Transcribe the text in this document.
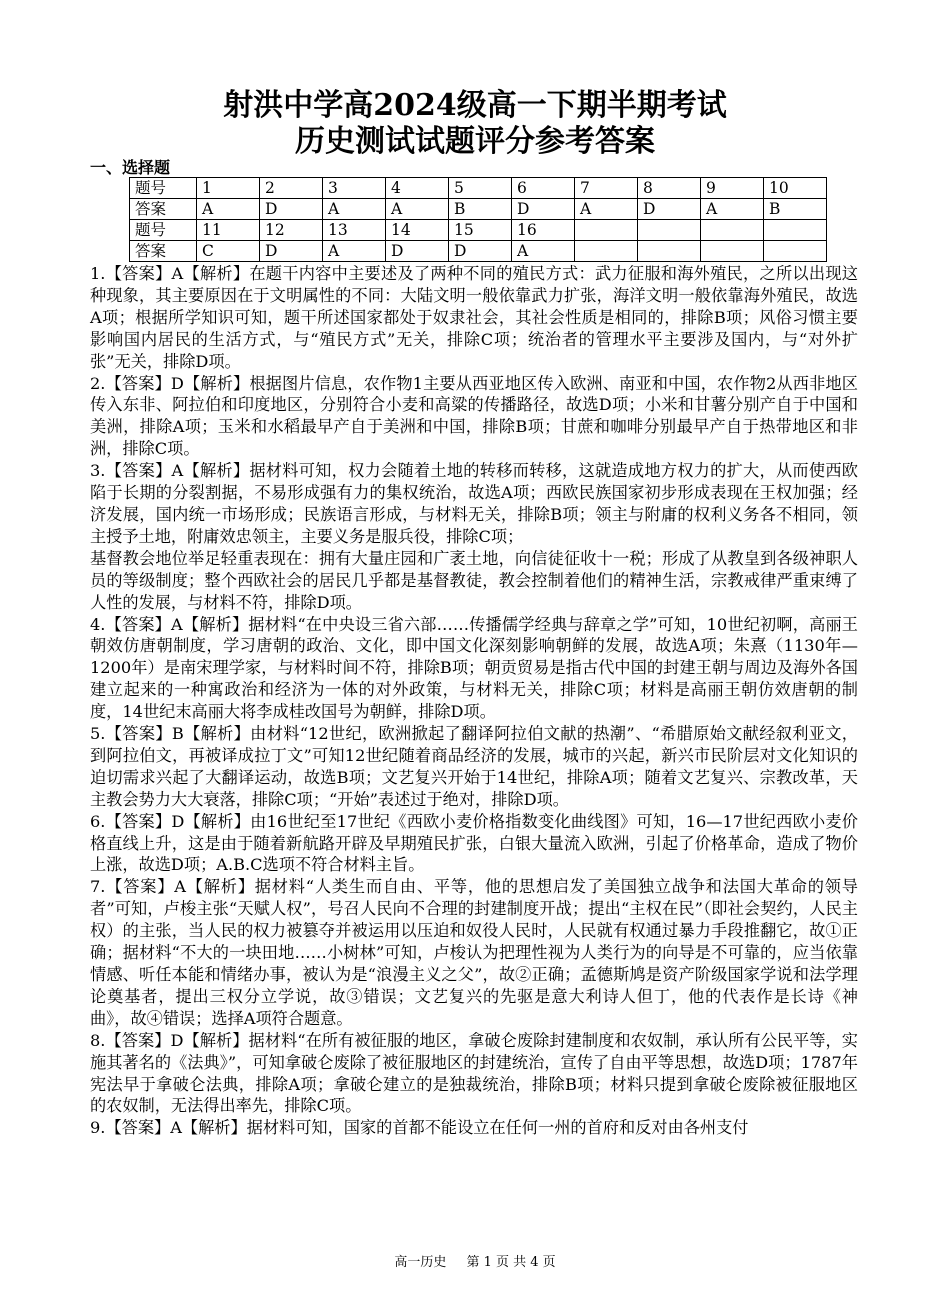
射洪中学高2024级高一下期半期考试
历史测试试题评分参考答案
一、选择题
题号	1	2	3	4	5	6	7	8	9	10
答案	A	D	A	A	B	D	A	D	A	B
题号	11	12	13	14	15	16				
答案	C	D	A	D	D	A				

1.【答案】A【解析】在题干内容中主要述及了两种不同的殖民方式：武力征服和海外殖民，之所以出现这种现象，其主要原因在于文明属性的不同：大陆文明一般依靠武力扩张，海洋文明一般依靠海外殖民，故选A项；根据所学知识可知，题干所述国家都处于奴隶社会，其社会性质是相同的，排除B项；风俗习惯主要影响国内居民的生活方式，与“殖民方式”无关，排除C项；统治者的管理水平主要涉及国内，与“对外扩张”无关，排除D项。

2.【答案】D【解析】根据图片信息，农作物1主要从西亚地区传入欧洲、南亚和中国，农作物2从西非地区传入东非、阿拉伯和印度地区，分别符合小麦和高粱的传播路径，故选D项；小米和甘薯分别产自于中国和美洲，排除A项；玉米和水稻最早产自于美洲和中国，排除B项；甘蔗和咖啡分别最早产自于热带地区和非洲，排除C项。

3.【答案】A【解析】据材料可知，权力会随着土地的转移而转移，这就造成地方权力的扩大，从而使西欧陷于长期的分裂割据，不易形成强有力的集权统治，故选A项；西欧民族国家初步形成表现在王权加强；经济发展，国内统一市场形成；民族语言形成，与材料无关，排除B项；领主与附庸的权利义务各不相同，领主授予土地，附庸效忠领主，主要义务是服兵役，排除C项；

基督教会地位举足轻重表现在：拥有大量庄园和广袤土地，向信徒征收十一税；形成了从教皇到各级神职人员的等级制度；整个西欧社会的居民几乎都是基督教徒，教会控制着他们的精神生活，宗教戒律严重束缚了人性的发展，与材料不符，排除D项。

4.【答案】A【解析】据材料“在中央设三省六部……传播儒学经典与辞章之学”可知，10世纪初啊，高丽王朝效仿唐朝制度，学习唐朝的政治、文化，即中国文化深刻影响朝鲜的发展，故选A项；朱熹（1130年—1200年）是南宋理学家，与材料时间不符，排除B项；朝贡贸易是指古代中国的封建王朝与周边及海外各国建立起来的一种寓政治和经济为一体的对外政策，与材料无关，排除C项；材料是高丽王朝仿效唐朝的制度，14世纪末高丽大将李成桂改国号为朝鲜，排除D项。

5.【答案】B【解析】由材料“12世纪，欧洲掀起了翻译阿拉伯文献的热潮”、“希腊原始文献经叙利亚文，到阿拉伯文，再被译成拉丁文”可知12世纪随着商品经济的发展，城市的兴起，新兴市民阶层对文化知识的迫切需求兴起了大翻译运动，故选B项；文艺复兴开始于14世纪，排除A项；随着文艺复兴、宗教改革，天主教会势力大大衰落，排除C项；“开始”表述过于绝对，排除D项。

6.【答案】D【解析】由16世纪至17世纪《西欧小麦价格指数变化曲线图》可知，16—17世纪西欧小麦价格直线上升，这是由于随着新航路开辟及早期殖民扩张，白银大量流入欧洲，引起了价格革命，造成了物价上涨，故选D项；A.B.C选项不符合材料主旨。

7.【答案】A【解析】据材料“人类生而自由、平等，他的思想启发了美国独立战争和法国大革命的领导者”可知，卢梭主张“天赋人权”，号召人民向不合理的封建制度开战；提出“主权在民”（即社会契约，人民主权）的主张，当人民的权力被篡夺并被运用以压迫和奴役人民时，人民就有权通过暴力手段推翻它，故①正确；据材料“不大的一块田地……小树林”可知，卢梭认为把理性视为人类行为的向导是不可靠的，应当依靠情感、听任本能和情绪办事，被认为是“浪漫主义之父”，故②正确；孟德斯鸠是资产阶级国家学说和法学理论奠基者，提出三权分立学说，故③错误；文艺复兴的先驱是意大利诗人但丁，他的代表作是长诗《神曲》，故④错误；选择A项符合题意。

8.【答案】D【解析】据材料“在所有被征服的地区，拿破仑废除封建制度和农奴制，承认所有公民平等，实施其著名的《法典》”，可知拿破仑废除了被征服地区的封建统治，宣传了自由平等思想，故选D项；1787年宪法早于拿破仑法典，排除A项；拿破仑建立的是独裁统治，排除B项；材料只提到拿破仑废除被征服地区的农奴制，无法得出率先，排除C项。

9.【答案】A【解析】据材料可知，国家的首都不能设立在任何一州的首府和反对由各州支付

高一历史 第 1 页 共 4 页
